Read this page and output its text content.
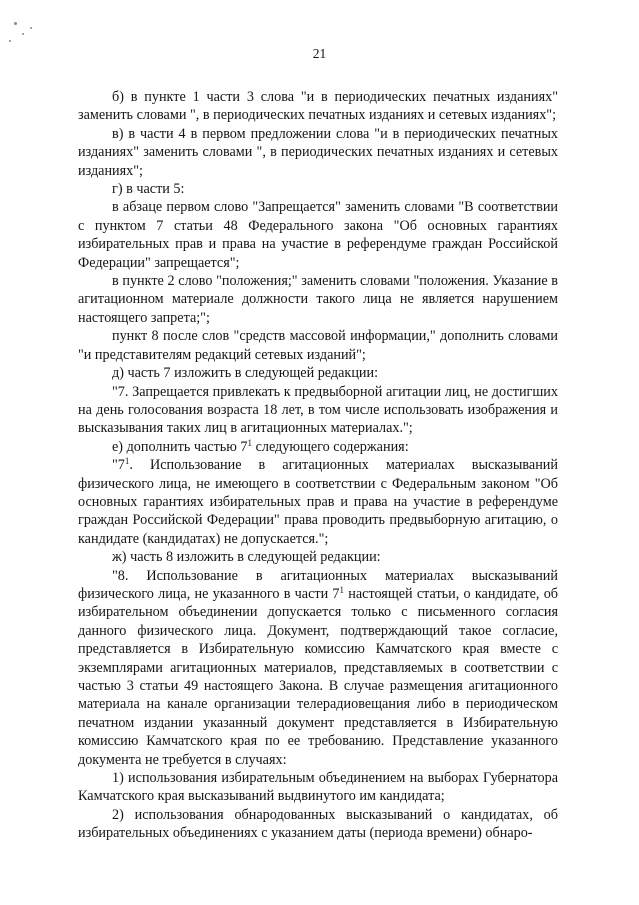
21

б) в пункте 1 части 3 слова "и в периодических печатных изданиях" заменить словами ", в периодических печатных изданиях и сетевых изданиях";

в) в части 4 в первом предложении слова "и в периодических печатных изданиях" заменить словами ", в периодических печатных изданиях и сетевых изданиях";

г) в части 5:

в абзаце первом слово "Запрещается" заменить словами "В соответствии с пунктом 7 статьи 48 Федерального закона "Об основных гарантиях избирательных прав и права на участие в референдуме граждан Российской Федерации" запрещается";

в пункте 2 слово "положения;" заменить словами "положения. Указание в агитационном материале должности такого лица не является нарушением настоящего запрета;";

пункт 8 после слов "средств массовой информации," дополнить словами "и представителям редакций сетевых изданий";

д) часть 7 изложить в следующей редакции:

"7. Запрещается привлекать к предвыборной агитации лиц, не достигших на день голосования возраста 18 лет, в том числе использовать изображения и высказывания таких лиц в агитационных материалах.";

е) дополнить частью $7^1$ следующего содержания:

"$7^1$. Использование в агитационных материалах высказываний физического лица, не имеющего в соответствии с Федеральным законом "Об основных гарантиях избирательных прав и права на участие в референдуме граждан Российской Федерации" права проводить предвыборную агитацию, о кандидате (кандидатах) не допускается.";

ж) часть 8 изложить в следующей редакции:

"8. Использование в агитационных материалах высказываний физического лица, не указанного в части $7^1$ настоящей статьи, о кандидате, об избирательном объединении допускается только с письменного согласия данного физического лица. Документ, подтверждающий такое согласие, представляется в Избирательную комиссию Камчатского края вместе с экземплярами агитационных материалов, представляемых в соответствии с частью 3 статьи 49 настоящего Закона. В случае размещения агитационного материала на канале организации телерадиовещания либо в периодическом печатном издании указанный документ представляется в Избирательную комиссию Камчатского края по ее требованию. Представление указанного документа не требуется в случаях:

1) использования избирательным объединением на выборах Губернатора Камчатского края высказываний выдвинутого им кандидата;

2) использования обнародованных высказываний о кандидатах, об избирательных объединениях с указанием даты (периода времени) обнаро-
